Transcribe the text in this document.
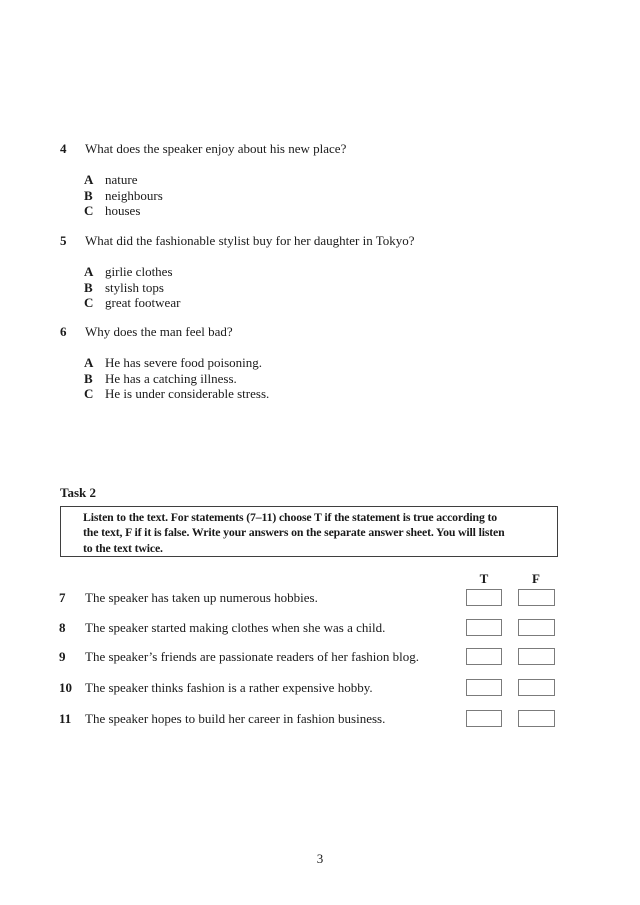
4	What does the speaker enjoy about his new place?
A nature
B neighbours
C houses
5	What did the fashionable stylist buy for her daughter in Tokyo?
A girlie clothes
B stylish tops
C great footwear
6	Why does the man feel bad?
A He has severe food poisoning.
B He has a catching illness.
C He is under considerable stress.
Task 2
Listen to the text. For statements (7–11) choose T if the statement is true according to
the text, F if it is false. Write your answers on the separate answer sheet. You will listen
to the text twice.
T	F
7 The speaker has taken up numerous hobbies.
8 The speaker started making clothes when she was a child.
9 The speaker’s friends are passionate readers of her fashion blog.
10 The speaker thinks fashion is a rather expensive hobby.
11 The speaker hopes to build her career in fashion business.
3
